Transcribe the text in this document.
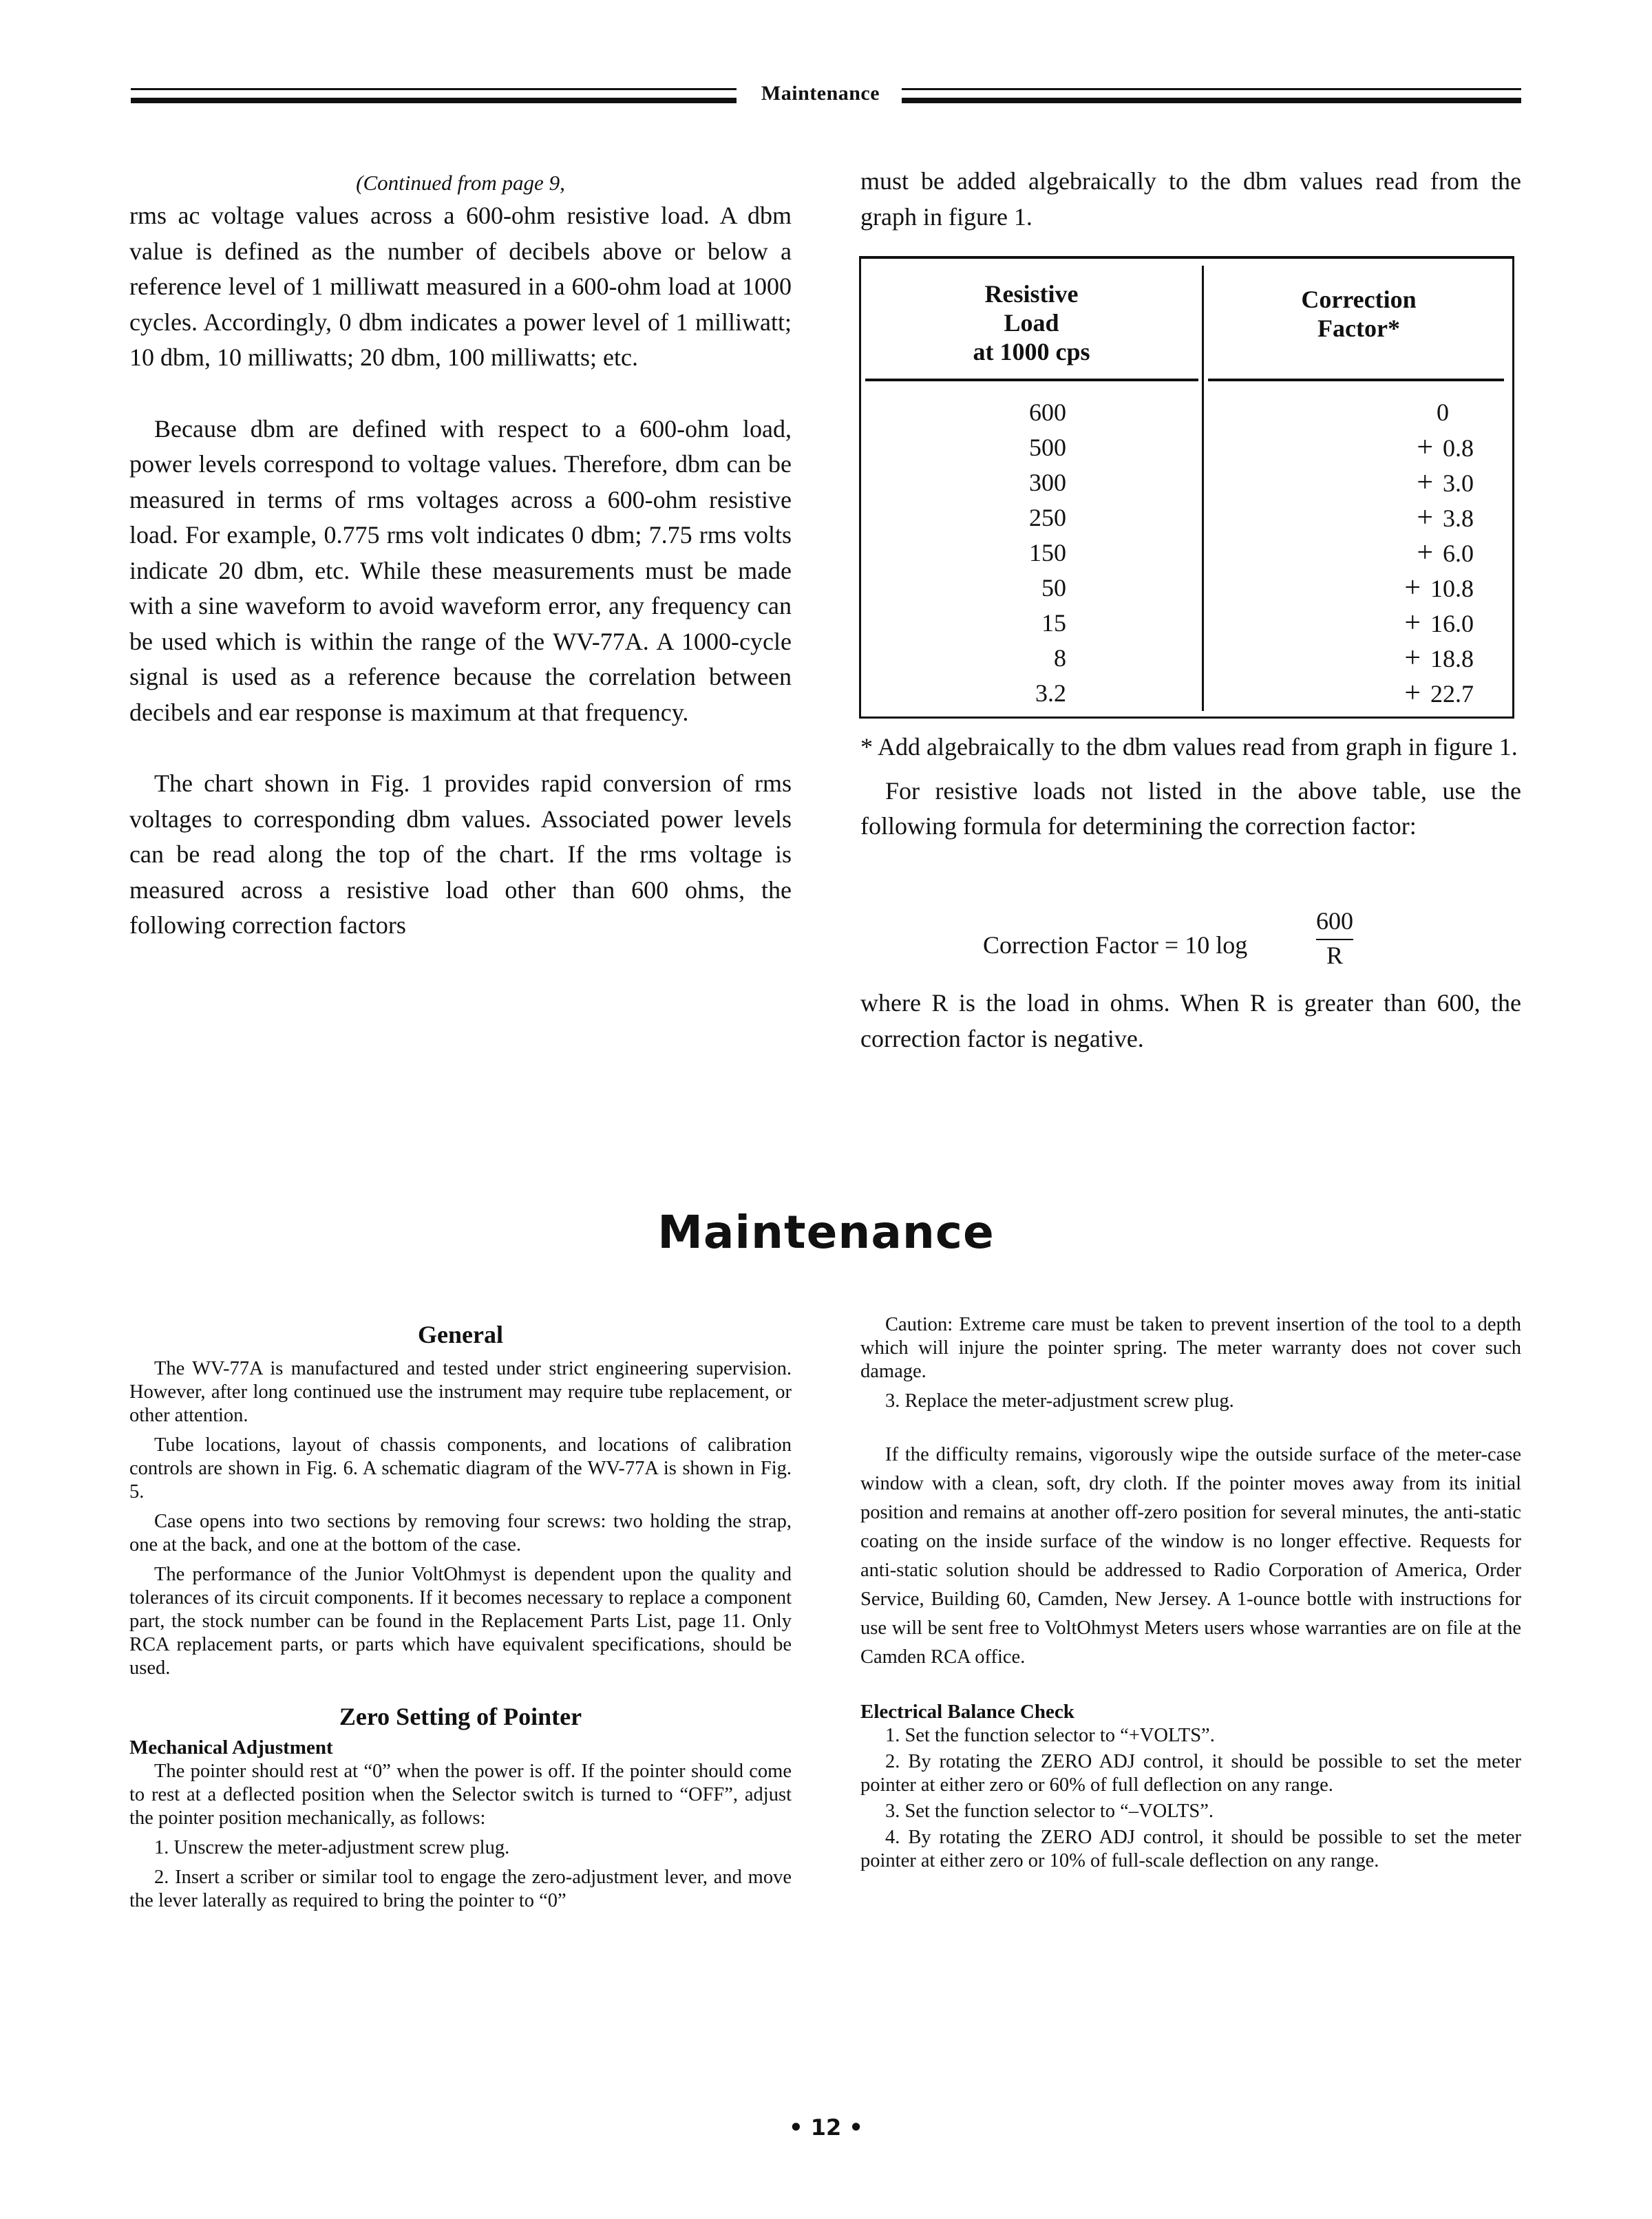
Maintenance
(Continued from page 9,

rms ac voltage values across a 600-ohm resistive load. A dbm value is defined as the number of decibels above or below a reference level of 1 milliwatt measured in a 600-ohm load at 1000 cycles. Accordingly, 0 dbm indicates a power level of 1 milliwatt; 10 dbm, 10 milliwatts; 20 dbm, 100 milliwatts; etc.

Because dbm are defined with respect to a 600-ohm load, power levels correspond to voltage values. Therefore, dbm can be measured in terms of rms voltages across a 600-ohm resistive load. For example, 0.775 rms volt indicates 0 dbm; 7.75 rms volts indicate 20 dbm, etc. While these measurements must be made with a sine waveform to avoid waveform error, any frequency can be used which is within the range of the WV-77A. A 1000-cycle signal is used as a reference because the correlation between decibels and ear response is maximum at that frequency.

The chart shown in Fig. 1 provides rapid conversion of rms voltages to corresponding dbm values. Associated power levels can be read along the top of the chart. If the rms voltage is measured across a resistive load other than 600 ohms, the following correction factors

must be added algebraically to the dbm values read from the graph in figure 1.

Resistive
Load
at 1000 cps
Correction
Factor*
600	0
500	+ 0.8
300	+ 3.0
250	+ 3.8
150	+ 6.0
50	+ 10.8
15	+ 16.0
8	+ 18.8
3.2	+ 22.7

* Add algebraically to the dbm values read from graph in figure 1.

For resistive loads not listed in the above table, use the following formula for determining the correction factor:

Correction Factor = 10 log
600
R

where R is the load in ohms. When R is greater than 600, the correction factor is negative.

Maintenance
General

The WV-77A is manufactured and tested under strict engineering supervision. However, after long continued use the instrument may require tube replacement, or other attention.

Tube locations, layout of chassis components, and locations of calibration controls are shown in Fig. 6. A schematic diagram of the WV-77A is shown in Fig. 5.

Case opens into two sections by removing four screws: two holding the strap, one at the back, and one at the bottom of the case.

The performance of the Junior VoltOhmyst is dependent upon the quality and tolerances of its circuit components. If it becomes necessary to replace a component part, the stock number can be found in the Replacement Parts List, page 11. Only RCA replacement parts, or parts which have equivalent specifications, should be used.

Zero Setting of Pointer
Mechanical Adjustment

The pointer should rest at “0” when the power is off. If the pointer should come to rest at a deflected position when the Selector switch is turned to “OFF”, adjust the pointer position mechanically, as follows:

1. Unscrew the meter-adjustment screw plug.

2. Insert a scriber or similar tool to engage the zero-adjustment lever, and move the lever laterally as required to bring the pointer to “0”

Caution: Extreme care must be taken to prevent insertion of the tool to a depth which will injure the pointer spring. The meter warranty does not cover such damage.

3. Replace the meter-adjustment screw plug.

If the difficulty remains, vigorously wipe the outside surface of the meter-case window with a clean, soft, dry cloth. If the pointer moves away from its initial position and remains at another off-zero position for several minutes, the anti-static coating on the inside surface of the window is no longer effective. Requests for anti-static solution should be addressed to Radio Corporation of America, Order Service, Building 60, Camden, New Jersey. A 1-ounce bottle with instructions for use will be sent free to VoltOhmyst Meters users whose warranties are on file at the Camden RCA office.

Electrical Balance Check

1. Set the function selector to “+VOLTS”.

2. By rotating the ZERO ADJ control, it should be possible to set the meter pointer at either zero or 60% of full deflection on any range.

3. Set the function selector to “–VOLTS”.

4. By rotating the ZERO ADJ control, it should be possible to set the meter pointer at either zero or 10% of full-scale deflection on any range.

• 12 •
